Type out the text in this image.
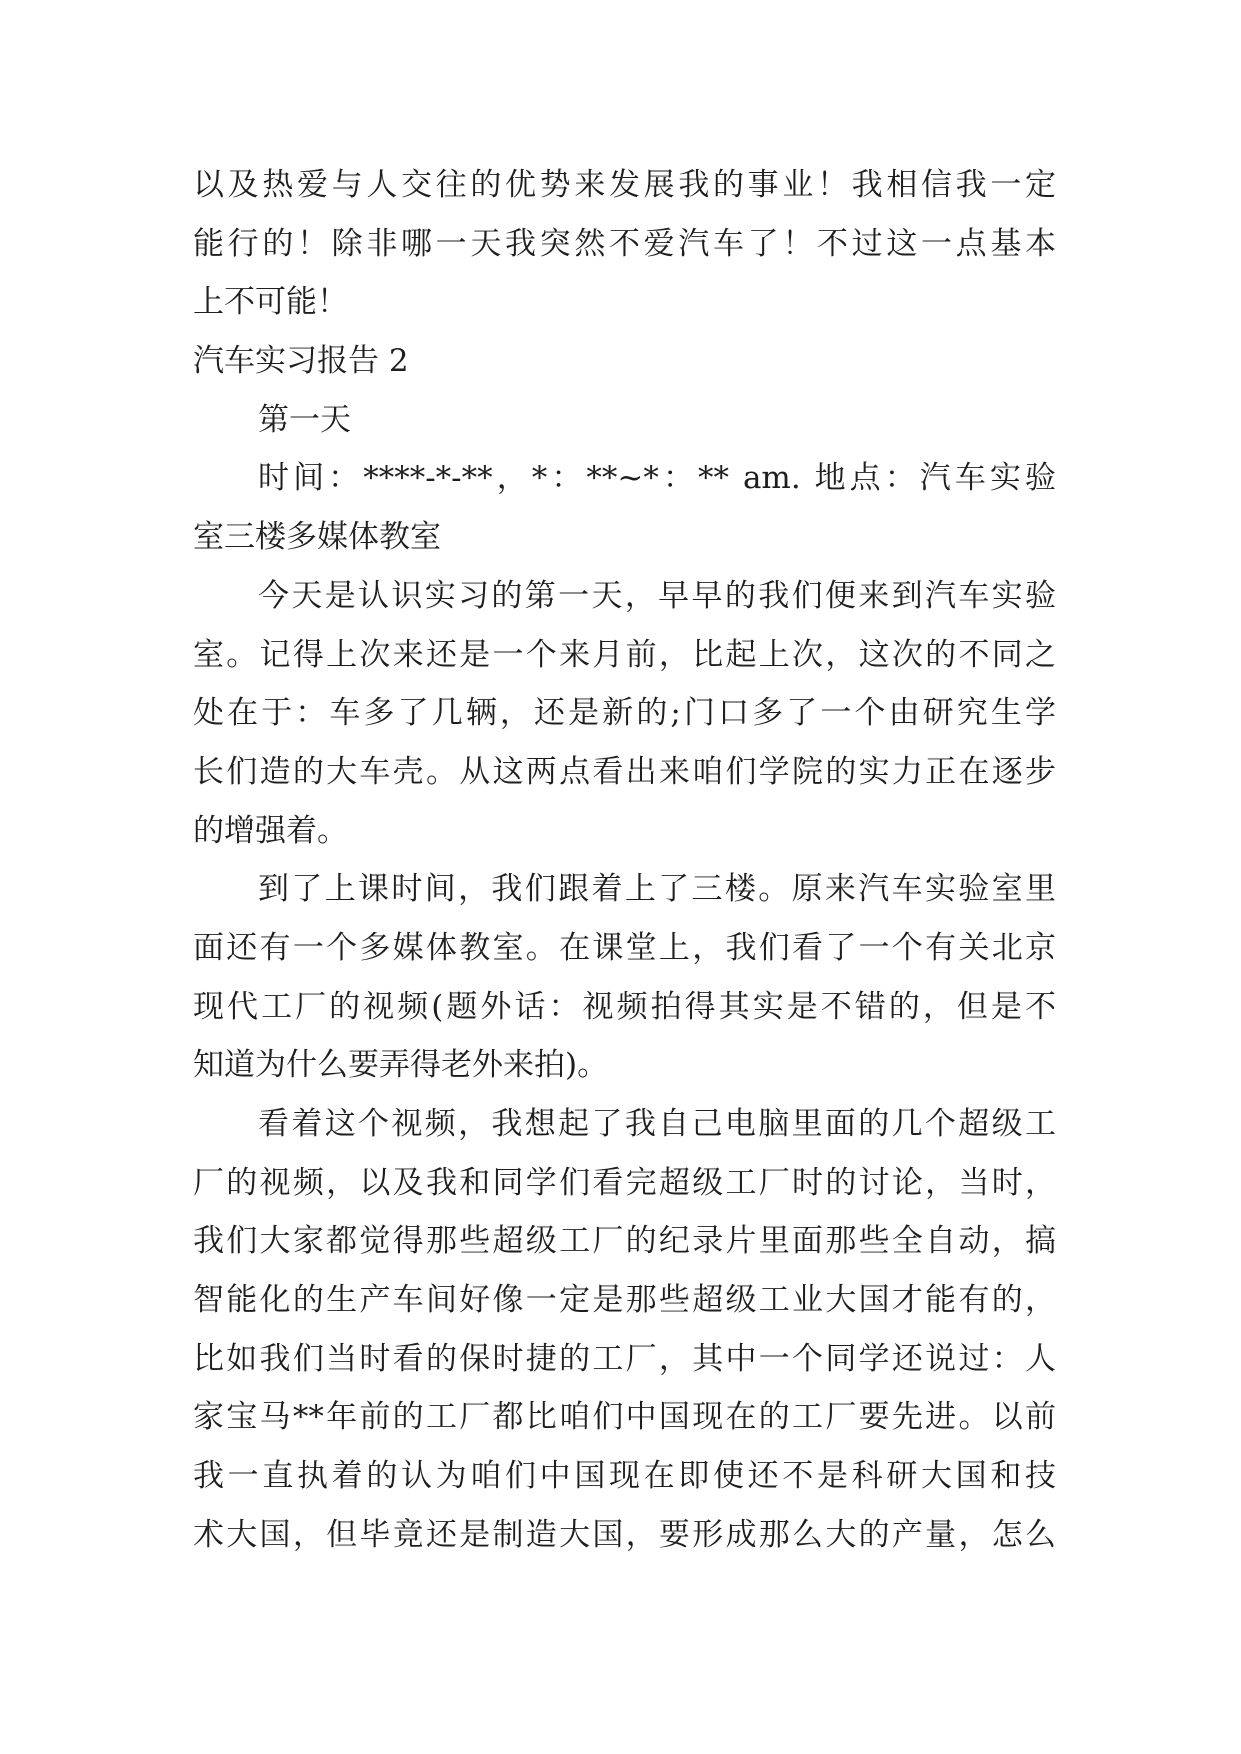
以及热爱与人交往的优势来发展我的事业！我相信我一定
能行的！除非哪一天我突然不爱汽车了！不过这一点基本
上不可能！
汽车实习报告 2
第一天
时间：****-*-**，*：**~*：** am. 地点：汽车实验
室三楼多媒体教室
今天是认识实习的第一天，早早的我们便来到汽车实验
室。记得上次来还是一个来月前，比起上次，这次的不同之
处在于：车多了几辆，还是新的;门口多了一个由研究生学
长们造的大车壳。从这两点看出来咱们学院的实力正在逐步
的增强着。
到了上课时间，我们跟着上了三楼。原来汽车实验室里
面还有一个多媒体教室。在课堂上，我们看了一个有关北京
现代工厂的视频(题外话：视频拍得其实是不错的，但是不
知道为什么要弄得老外来拍)。
看着这个视频，我想起了我自己电脑里面的几个超级工
厂的视频，以及我和同学们看完超级工厂时的讨论，当时，
我们大家都觉得那些超级工厂的纪录片里面那些全自动，搞
智能化的生产车间好像一定是那些超级工业大国才能有的，
比如我们当时看的保时捷的工厂，其中一个同学还说过：人
家宝马**年前的工厂都比咱们中国现在的工厂要先进。以前
我一直执着的认为咱们中国现在即使还不是科研大国和技
术大国，但毕竟还是制造大国，要形成那么大的产量，怎么
